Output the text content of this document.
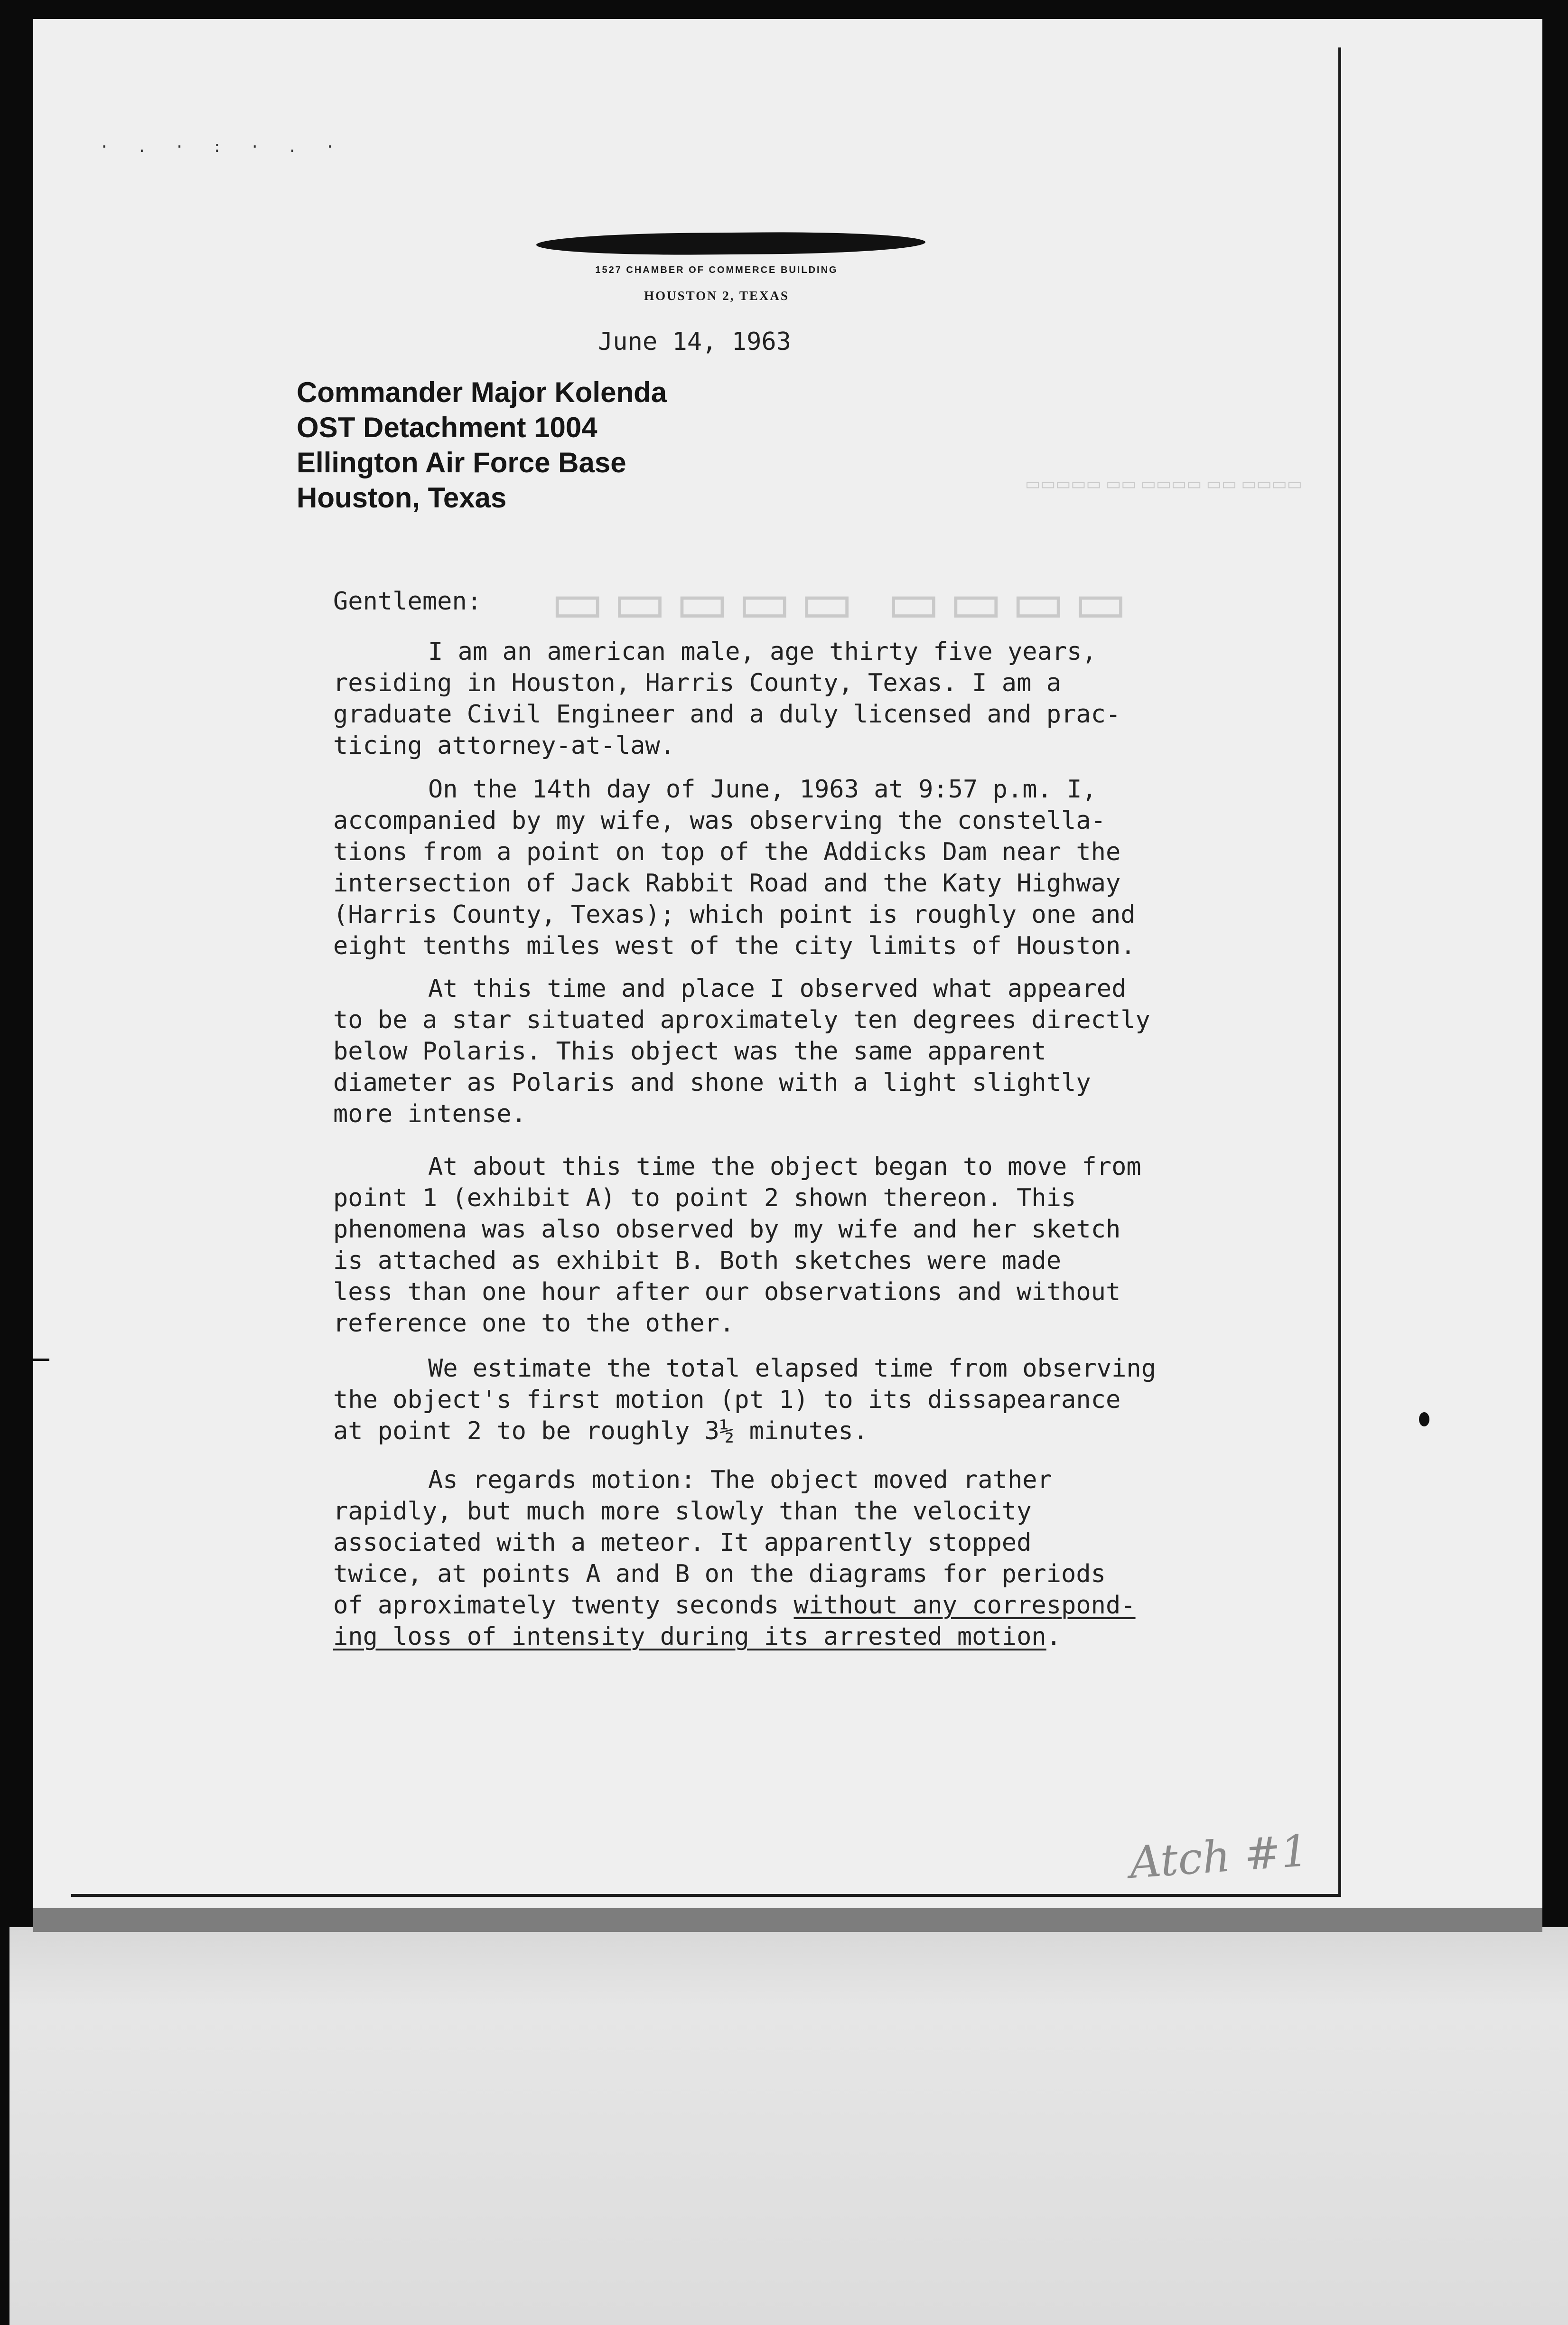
·.·:·.·
▭▭▭▭▭ ▭▭ ▭▭▭▭ ▭▭ ▭▭▭▭
▭▭▭▭▭ ▭▭▭▭
1527 CHAMBER OF COMMERCE BUILDING
HOUSTON 2, TEXAS
June 14, 1963
Commander Major Kolenda
OST Detachment 1004
Ellington Air Force Base
Houston, Texas
Gentlemen:
I am an american male, age thirty five years,
residing in Houston, Harris County, Texas. I am a
graduate Civil Engineer and a duly licensed and prac-
ticing attorney-at-law.
On the 14th day of June, 1963 at 9:57 p.m. I,
accompanied by my wife, was observing the constella-
tions from a point on top of the Addicks Dam near the
intersection of Jack Rabbit Road and the Katy Highway
(Harris County, Texas); which point is roughly one and
eight tenths miles west of the city limits of Houston.
At this time and place I observed what appeared
to be a star situated aproximately ten degrees directly
below Polaris. This object was the same apparent
diameter as Polaris and shone with a light slightly
more intense.
At about this time the object began to move from
point 1 (exhibit A) to point 2 shown thereon. This
phenomena was also observed by my wife and her sketch
is attached as exhibit B. Both sketches were made
less than one hour after our observations and without
reference one to the other.
We estimate the total elapsed time from observing
the object's first motion (pt 1) to its dissapearance
at point 2 to be roughly 3½ minutes.
As regards motion: The object moved rather
rapidly, but much more slowly than the velocity
associated with a meteor. It apparently stopped
twice, at points A and B on the diagrams for periods
of aproximately twenty seconds without any correspond-
ing loss of intensity during its arrested motion.
Atch #1
